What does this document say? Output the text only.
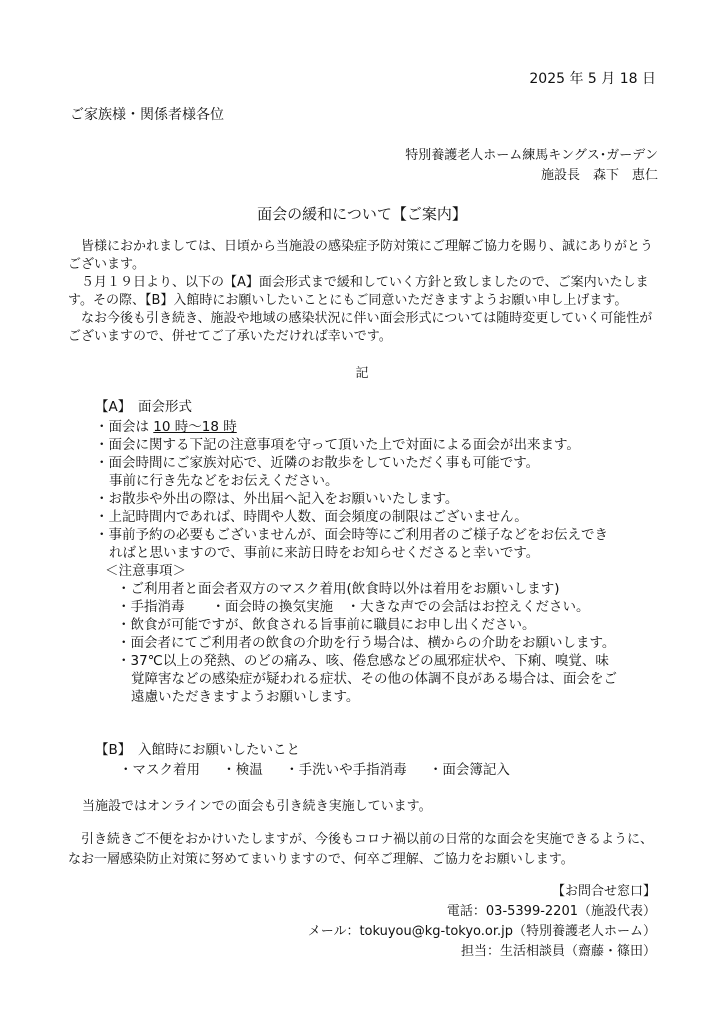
2025 年 5 月 18 日
ご家族様・関係者様各位
特別養護老人ホーム練馬キングス･ガーデン
施設長　森下　恵仁
面会の緩和について【ご案内】

皆様におかれましては、日頃から当施設の感染症予防対策にご理解ご協力を賜り、誠にありがとうございます。

５月１９日より、以下の【A】面会形式まで緩和していく方針と致しましたので、ご案内いたします。その際、【B】入館時にお願いしたいことにもご同意いただきますようお願い申し上げます。

なお今後も引き続き、施設や地域の感染状況に伴い面会形式については随時変更していく可能性がございますので、併せてご了承いただければ幸いです。

記
【A】　面会形式
・面会は 10 時〜18 時
・面会に関する下記の注意事項を守って頂いた上で対面による面会が出来ます。
・面会時間にご家族対応で、近隣のお散歩をしていただく事も可能です。
事前に行き先などをお伝えください。
・お散歩や外出の際は、外出届へ記入をお願いいたします。
・上記時間内であれば、時間や人数、面会頻度の制限はございません。
・事前予約の必要もございませんが、面会時等にご利用者のご様子などをお伝えでき
ればと思いますので、事前に来訪日時をお知らせくださると幸いです。
＜注意事項＞
・ご利用者と面会者双方のマスク着用(飲食時以外は着用をお願いします)
・手指消毒　　・面会時の換気実施　・大きな声での会話はお控えください。
・飲食が可能ですが、飲食される旨事前に職員にお申し出ください。
・面会者にてご利用者の飲食の介助を行う場合は、横からの介助をお願いします。
・37℃以上の発熱、のどの痛み、咳、倦怠感などの風邪症状や、下痢、嗅覚、味
覚障害などの感染症が疑われる症状、その他の体調不良がある場合は、面会をご
遠慮いただきますようお願いします。
【B】　入館時にお願いしたいこと
・マスク着用 ・検温 ・手洗いや手指消毒 ・面会簿記入
当施設ではオンラインでの面会も引き続き実施しています。

引き続きご不便をおかけいたしますが、今後もコロナ禍以前の日常的な面会を実施できるように、なお一層感染防止対策に努めてまいりますので、何卒ご理解、ご協力をお願いします。

【お問合せ窓口】
電話：03-5399-2201（施設代表）
メール：tokuyou@kg-tokyo.or.jp（特別養護老人ホーム）
担当：生活相談員（齋藤・篠田）
